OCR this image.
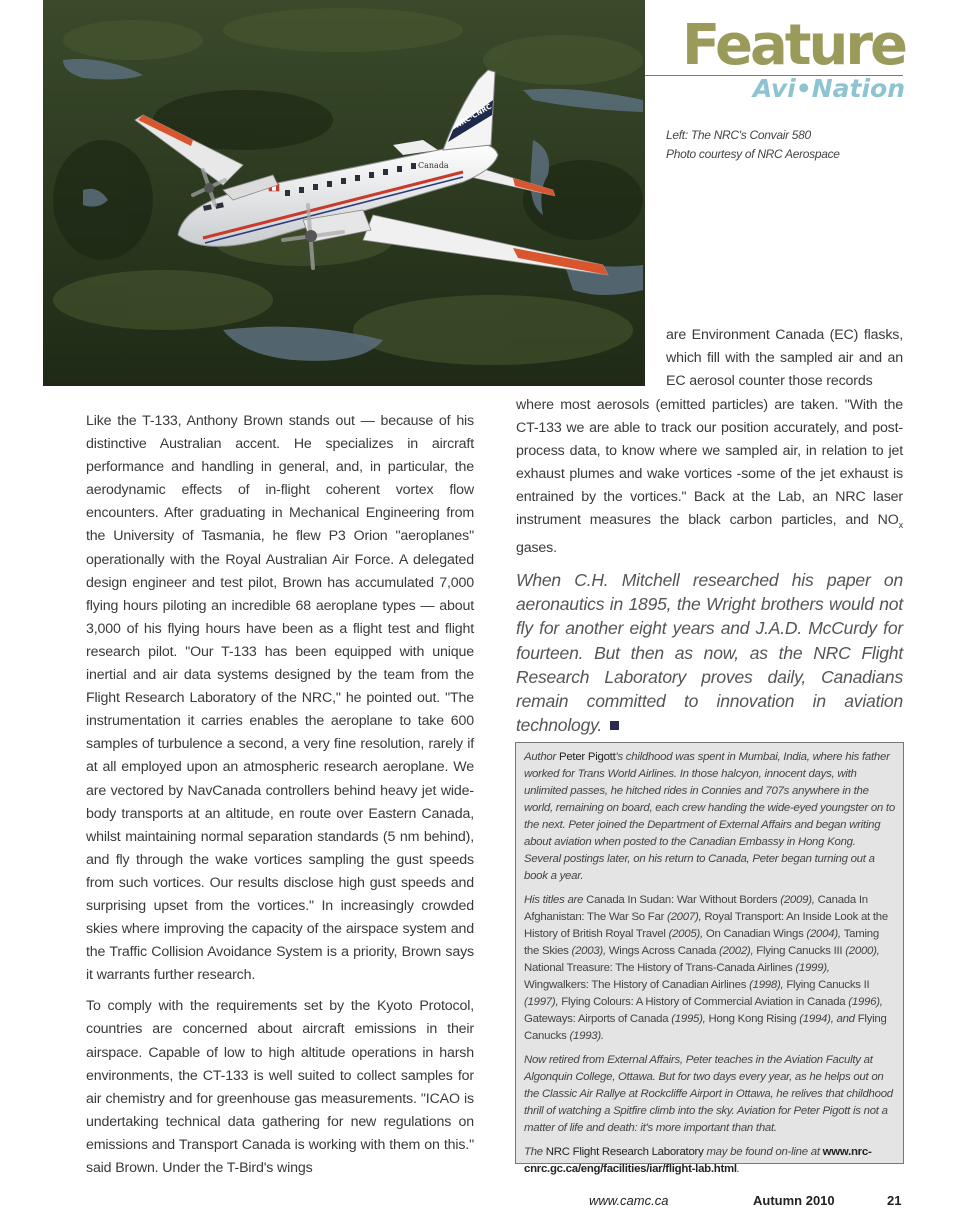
Canada
NRC·CNRC
Feature
Avi•Nation
Left: The NRC's Convair 580
Photo courtesy of NRC Aerospace

Like the T-133, Anthony Brown stands out — because of his distinctive Australian accent. He specializes in aircraft performance and handling in general, and, in particular, the aerodynamic effects of in-flight coherent vortex flow encounters. After graduating in Mechanical Engineering from the University of Tasmania, he flew P3 Orion "aeroplanes" operationally with the Royal Australian Air Force. A delegated design engineer and test pilot, Brown has accumulated 7,000 flying hours piloting an incredible 68 aeroplane types — about 3,000 of his flying hours have been as a flight test and flight research pilot. "Our T-133 has been equipped with unique inertial and air data systems designed by the team from the Flight Research Laboratory of the NRC," he pointed out. "The instrumentation it carries enables the aeroplane to take 600 samples of turbulence a second, a very fine resolution, rarely if at all employed upon an atmospheric research aeroplane. We are vectored by NavCanada controllers behind heavy jet wide-body transports at an altitude, en route over Eastern Canada, whilst maintaining normal separation standards (5 nm behind), and fly through the wake vortices sampling the gust speeds from such vortices. Our results disclose high gust speeds and surprising upset from the vortices." In increasingly crowded skies where improving the capacity of the airspace system and the Traffic Collision Avoidance System is a priority, Brown says it warrants further research.

To comply with the requirements set by the Kyoto Protocol, countries are concerned about aircraft emissions in their airspace. Capable of low to high altitude operations in harsh environments, the CT-133 is well suited to collect samples for air chemistry and for greenhouse gas measurements. "ICAO is undertaking technical data gathering for new regulations on emissions and Transport Canada is working with them on this." said Brown. Under the T-Bird's wings

are Environment Canada (EC) flasks, which fill with the sampled air and an EC aerosol counter those records

where most aerosols (emitted particles) are taken. "With the CT-133 we are able to track our position accurately, and post-process data, to know where we sampled air, in relation to jet exhaust plumes and wake vortices -some of the jet exhaust is entrained by the vortices." Back at the Lab, an NRC laser instrument measures the black carbon particles, and $NO_x$ gases.

When C.H. Mitchell researched his paper on aeronautics in 1895, the Wright brothers would not fly for another eight years and J.A.D. McCurdy for fourteen. But then as now, as the NRC Flight Research Laboratory proves daily, Canadians remain committed to innovation in aviation technology.

Author Peter Pigott's childhood was spent in Mumbai, India, where his father worked for Trans World Airlines. In those halcyon, innocent days, with unlimited passes, he hitched rides in Connies and 707s anywhere in the world, remaining on board, each crew handing the wide-eyed youngster on to the next. Peter joined the Department of External Affairs and began writing about aviation when posted to the Canadian Embassy in Hong Kong. Several postings later, on his return to Canada, Peter began turning out a book a year.

His titles are Canada In Sudan: War Without Borders (2009), Canada In Afghanistan: The War So Far (2007), Royal Transport: An Inside Look at the History of British Royal Travel (2005), On Canadian Wings (2004), Taming the Skies (2003), Wings Across Canada (2002), Flying Canucks III (2000), National Treasure: The History of Trans-Canada Airlines (1999), Wingwalkers: The History of Canadian Airlines (1998), Flying Canucks II (1997), Flying Colours: A History of Commercial Aviation in Canada (1996), Gateways: Airports of Canada (1995), Hong Kong Rising (1994), and Flying Canucks (1993).

Now retired from External Affairs, Peter teaches in the Aviation Faculty at Algonquin College, Ottawa. But for two days every year, as he helps out on the Classic Air Rallye at Rockcliffe Airport in Ottawa, he relives that childhood thrill of watching a Spitfire climb into the sky. Aviation for Peter Pigott is not a matter of life and death: it's more important than that.

The NRC Flight Research Laboratory may be found on-line at www.nrc-cnrc.gc.ca/eng/facilities/iar/flight-lab.html.

www.camc.ca	Autumn 2010	21
